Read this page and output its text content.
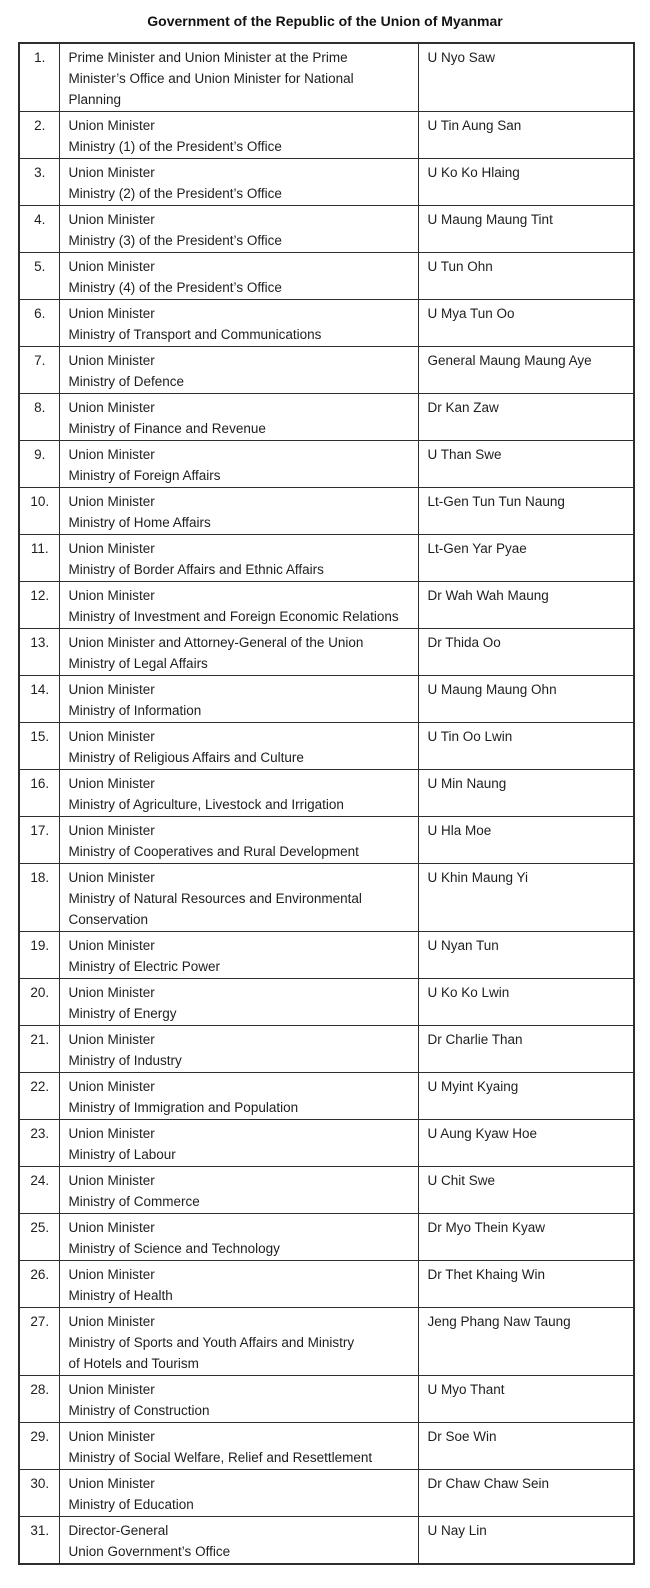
Government of the Republic of the Union of Myanmar
1.	Prime Minister and Union Minister at the Prime
Minister’s Office and Union Minister for National
Planning	U Nyo Saw
2.	Union Minister
Ministry (1) of the President’s Office	U Tin Aung San
3.	Union Minister
Ministry (2) of the President’s Office	U Ko Ko Hlaing
4.	Union Minister
Ministry (3) of the President’s Office	U Maung Maung Tint
5.	Union Minister
Ministry (4) of the President’s Office	U Tun Ohn
6.	Union Minister
Ministry of Transport and Communications	U Mya Tun Oo
7.	Union Minister
Ministry of Defence	General Maung Maung Aye
8.	Union Minister
Ministry of Finance and Revenue	Dr Kan Zaw
9.	Union Minister
Ministry of Foreign Affairs	U Than Swe
10.	Union Minister
Ministry of Home Affairs	Lt-Gen Tun Tun Naung
11.	Union Minister
Ministry of Border Affairs and Ethnic Affairs	Lt-Gen Yar Pyae
12.	Union Minister
Ministry of Investment and Foreign Economic Relations	Dr Wah Wah Maung
13.	Union Minister and Attorney-General of the Union
Ministry of Legal Affairs	Dr Thida Oo
14.	Union Minister
Ministry of Information	U Maung Maung Ohn
15.	Union Minister
Ministry of Religious Affairs and Culture	U Tin Oo Lwin
16.	Union Minister
Ministry of Agriculture, Livestock and Irrigation	U Min Naung
17.	Union Minister
Ministry of Cooperatives and Rural Development	U Hla Moe
18.	Union Minister
Ministry of Natural Resources and Environmental
Conservation	U Khin Maung Yi
19.	Union Minister
Ministry of Electric Power	U Nyan Tun
20.	Union Minister
Ministry of Energy	U Ko Ko Lwin
21.	Union Minister
Ministry of Industry	Dr Charlie Than
22.	Union Minister
Ministry of Immigration and Population	U Myint Kyaing
23.	Union Minister
Ministry of Labour	U Aung Kyaw Hoe
24.	Union Minister
Ministry of Commerce	U Chit Swe
25.	Union Minister
Ministry of Science and Technology	Dr Myo Thein Kyaw
26.	Union Minister
Ministry of Health	Dr Thet Khaing Win
27.	Union Minister
Ministry of Sports and Youth Affairs and Ministry
of Hotels and Tourism	Jeng Phang Naw Taung
28.	Union Minister
Ministry of Construction	U Myo Thant
29.	Union Minister
Ministry of Social Welfare, Relief and Resettlement	Dr Soe Win
30.	Union Minister
Ministry of Education	Dr Chaw Chaw Sein
31.	Director-General
Union Government’s Office	U Nay Lin
